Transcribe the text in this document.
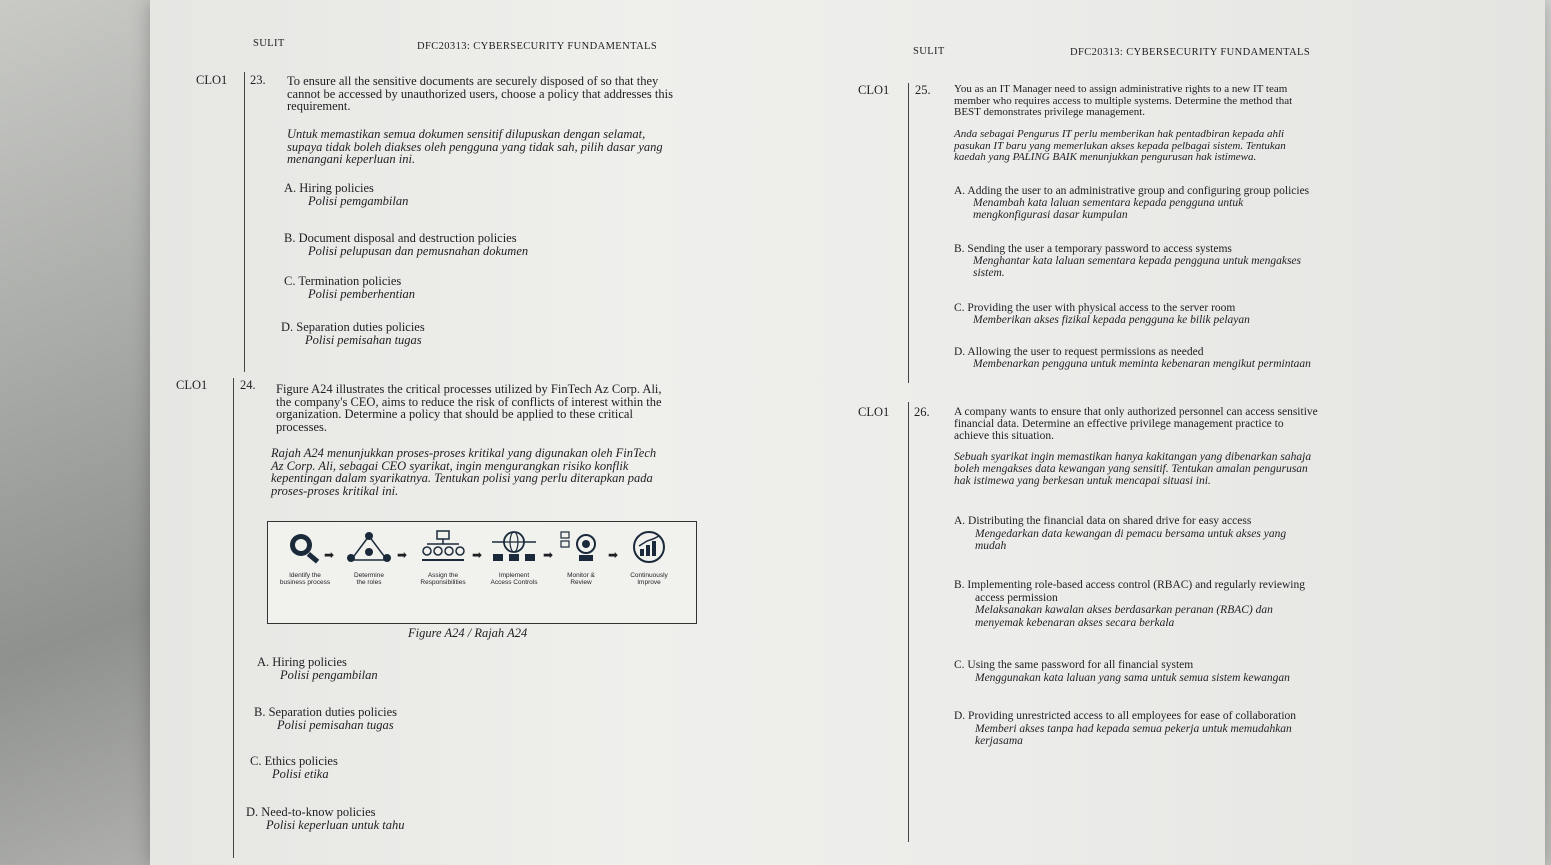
SULIT	DFC20313: CYBERSECURITY FUNDAMENTALS	SULIT	DFC20313: CYBERSECURITY FUNDAMENTALS
CLO1 23. To ensure all the sensitive documents are securely disposed of so that they
cannot be accessed by unauthorized users, choose a policy that addresses this
requirement.
Untuk memastikan semua dokumen sensitif dilupuskan dengan selamat,
supaya tidak boleh diakses oleh pengguna yang tidak sah, pilih dasar yang
menangani keperluan ini.
A. Hiring policies
Polisi pemgambilan
B. Document disposal and destruction policies
Polisi pelupusan dan pemusnahan dokumen
C. Termination policies
Polisi pemberhentian
D. Separation duties policies
Polisi pemisahan tugas
CLO1	24. Figure A24 illustrates the critical processes utilized by FinTech Az Corp. Ali,
the company's CEO, aims to reduce the risk of conflicts of interest within the
organization. Determine a policy that should be applied to these critical
processes.
Rajah A24 menunjukkan proses-proses kritikal yang digunakan oleh FinTech
Az Corp. Ali, sebagai CEO syarikat, ingin mengurangkan risiko konflik
kepentingan dalam syarikatnya. Tentukan polisi yang perlu diterapkan pada
proses-proses kritikal ini.
Identify the
business process
➡
Determine
the roles
➡
Assign the
Responsibilities
➡
Implement
Access Controls
➡
Monitor &
Review
➡
Continuously
Improve
Figure A24 / Rajah A24
A. Hiring policies
Polisi pengambilan
B. Separation duties policies
Polisi pemisahan tugas
C. Ethics policies
Polisi etika
D. Need-to-know policies
Polisi keperluan untuk tahu
CLO1 25. You as an IT Manager need to assign administrative rights to a new IT team
member who requires access to multiple systems. Determine the method that
BEST demonstrates privilege management.
Anda sebagai Pengurus IT perlu memberikan hak pentadbiran kepada ahli
pasukan IT baru yang memerlukan akses kepada pelbagai sistem. Tentukan
kaedah yang PALING BAIK menunjukkan pengurusan hak istimewa.
A. Adding the user to an administrative group and configuring group policies
Menambah kata laluan sementara kepada pengguna untuk
mengkonfigurasi dasar kumpulan
B. Sending the user a temporary password to access systems
Menghantar kata laluan sementara kepada pengguna untuk mengakses
sistem.
C. Providing the user with physical access to the server room
Memberikan akses fizikal kepada pengguna ke bilik pelayan
D. Allowing the user to request permissions as needed
Membenarkan pengguna untuk meminta kebenaran mengikut permintaan
CLO1 26. A company wants to ensure that only authorized personnel can access sensitive
financial data. Determine an effective privilege management practice to
achieve this situation.
Sebuah syarikat ingin memastikan hanya kakitangan yang dibenarkan sahaja
boleh mengakses data kewangan yang sensitif. Tentukan amalan pengurusan
hak istimewa yang berkesan untuk mencapai situasi ini.
A. Distributing the financial data on shared drive for easy access
Mengedarkan data kewangan di pemacu bersama untuk akses yang
mudah
B. Implementing role-based access control (RBAC) and regularly reviewing
access permission
Melaksanakan kawalan akses berdasarkan peranan (RBAC) dan
menyemak kebenaran akses secara berkala
C. Using the same password for all financial system
Menggunakan kata laluan yang sama untuk semua sistem kewangan
D. Providing unrestricted access to all employees for ease of collaboration
Memberi akses tanpa had kepada semua pekerja untuk memudahkan
kerjasama
